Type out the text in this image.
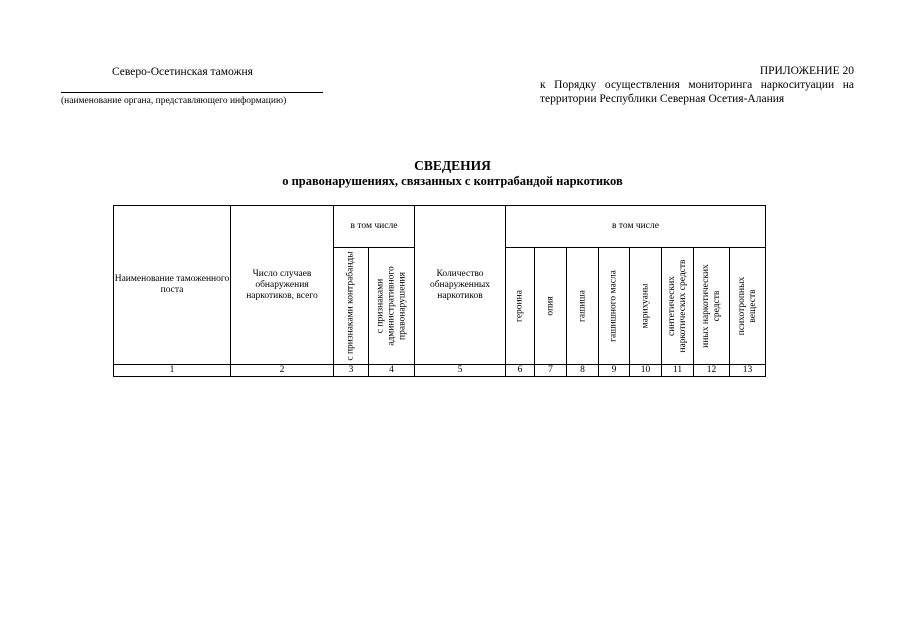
Северо-Осетинская таможня
(наименование органа, представляющего информацию)
ПРИЛОЖЕНИЕ 20
к Порядку осуществления мониторинга наркоситуации на территории Республики Северная Осетия-Алания
СВЕДЕНИЯ
о правонарушениях, связанных с контрабандой наркотиков
Наименование таможенного поста	Число случаев обнаружения наркотиков, всего	в том числе		Количество обнаруженных наркотиков	в том числе							

		с признаками контрабанды	с признаками административного правонарушения		героина	опия	гашиша	гашишного масла	марихуаны	синтетических наркотических средств	иных наркотических средств	психотропных веществ

1	2	3	4	5	6	7	8	9	10	11	12	13
